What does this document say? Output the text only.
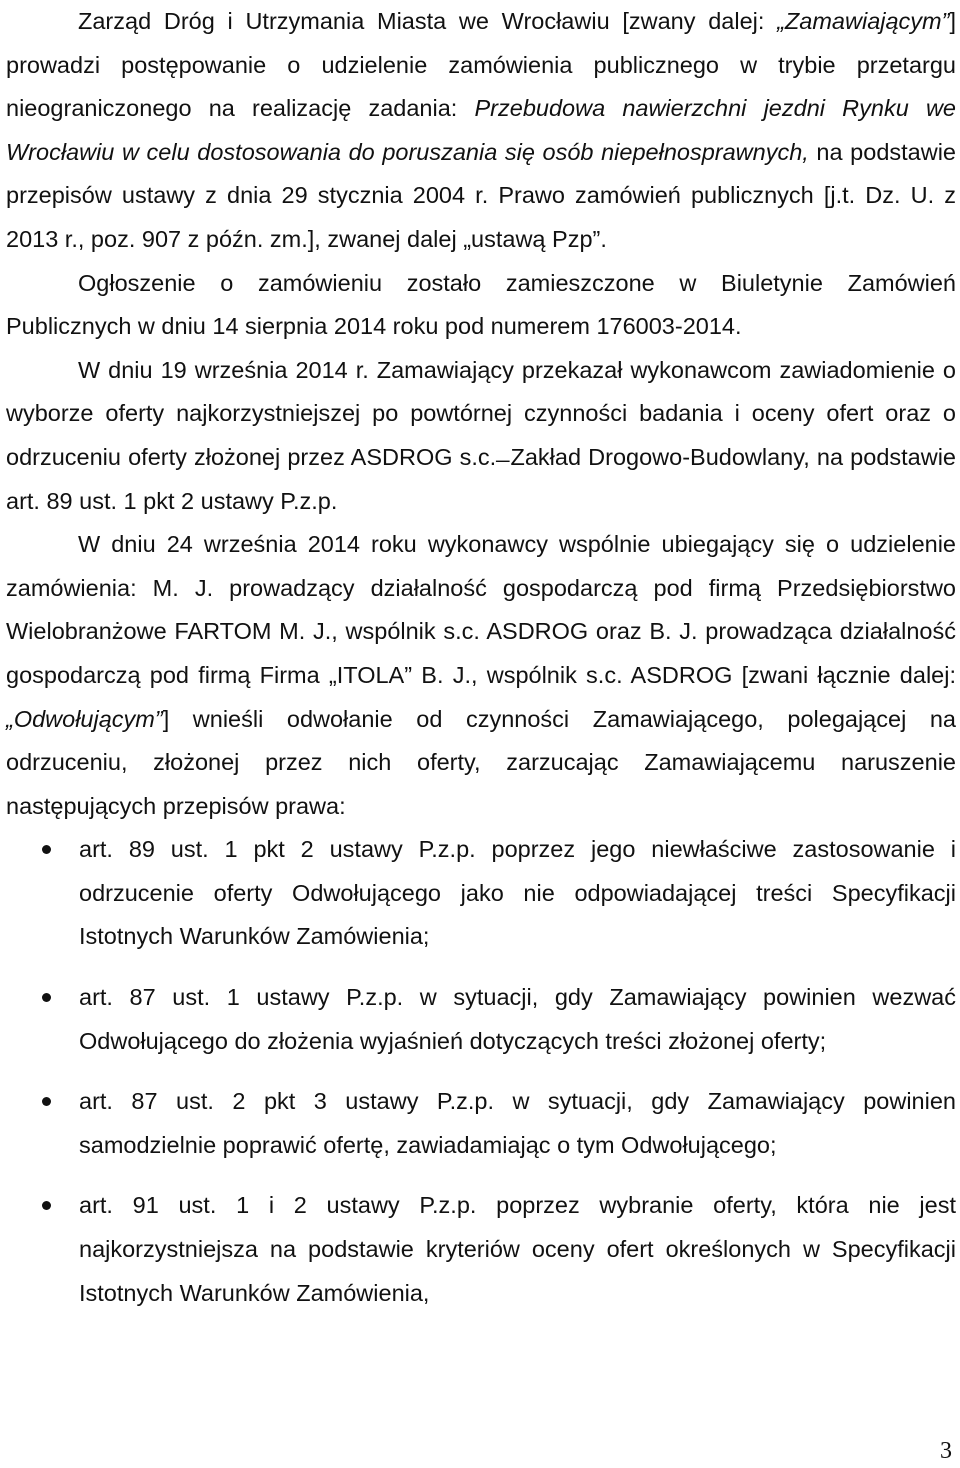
Zarząd Dróg i Utrzymania Miasta we Wrocławiu [zwany dalej: „Zamawiającym”] prowadzi postępowanie o udzielenie zamówienia publicznego w trybie przetargu nieograniczonego na realizację zadania: Przebudowa nawierzchni jezdni Rynku we Wrocławiu w celu dostosowania do poruszania się osób niepełnosprawnych, na podstawie przepisów ustawy z dnia 29 stycznia 2004 r. Prawo zamówień publicznych [j.t. Dz. U. z 2013 r., poz. 907 z późn. zm.], zwanej dalej „ustawą Pzp”.

Ogłoszenie o zamówieniu zostało zamieszczone w Biuletynie Zamówień Publicznych w dniu 14 sierpnia 2014 roku pod numerem 176003-2014.

W dniu 19 września 2014 r. Zamawiający przekazał wykonawcom zawiadomienie o wyborze oferty najkorzystniejszej po powtórnej czynności badania i oceny ofert oraz o odrzuceniu oferty złożonej przez ASDROG s.c. ̶ Zakład Drogowo-Budowlany, na podstawie art. 89 ust. 1 pkt 2 ustawy P.z.p.

W dniu 24 września 2014 roku wykonawcy wspólnie ubiegający się o udzielenie zamówienia: M. J. prowadzący działalność gospodarczą pod firmą Przedsiębiorstwo Wielobranżowe FARTOM M. J., wspólnik s.c. ASDROG oraz B. J. prowadząca działalność gospodarczą pod firmą Firma „ITOLA” B. J., wspólnik s.c. ASDROG [zwani łącznie dalej: „Odwołującym”] wnieśli odwołanie od czynności Zamawiającego, polegającej na odrzuceniu, złożonej przez nich oferty, zarzucając Zamawiającemu naruszenie następujących przepisów prawa:

art. 89 ust. 1 pkt 2 ustawy P.z.p. poprzez jego niewłaściwe zastosowanie i odrzucenie oferty Odwołującego jako nie odpowiadającej treści Specyfikacji Istotnych Warunków Zamówienia;
art. 87 ust. 1 ustawy P.z.p. w sytuacji, gdy Zamawiający powinien wezwać Odwołującego do złożenia wyjaśnień dotyczących treści złożonej oferty;
art. 87 ust. 2 pkt 3 ustawy P.z.p. w sytuacji, gdy Zamawiający powinien samodzielnie poprawić ofertę, zawiadamiając o tym Odwołującego;
art. 91 ust. 1 i 2 ustawy P.z.p. poprzez wybranie oferty, która nie jest najkorzystniejsza na podstawie kryteriów oceny ofert określonych w Specyfikacji Istotnych Warunków Zamówienia,
3
